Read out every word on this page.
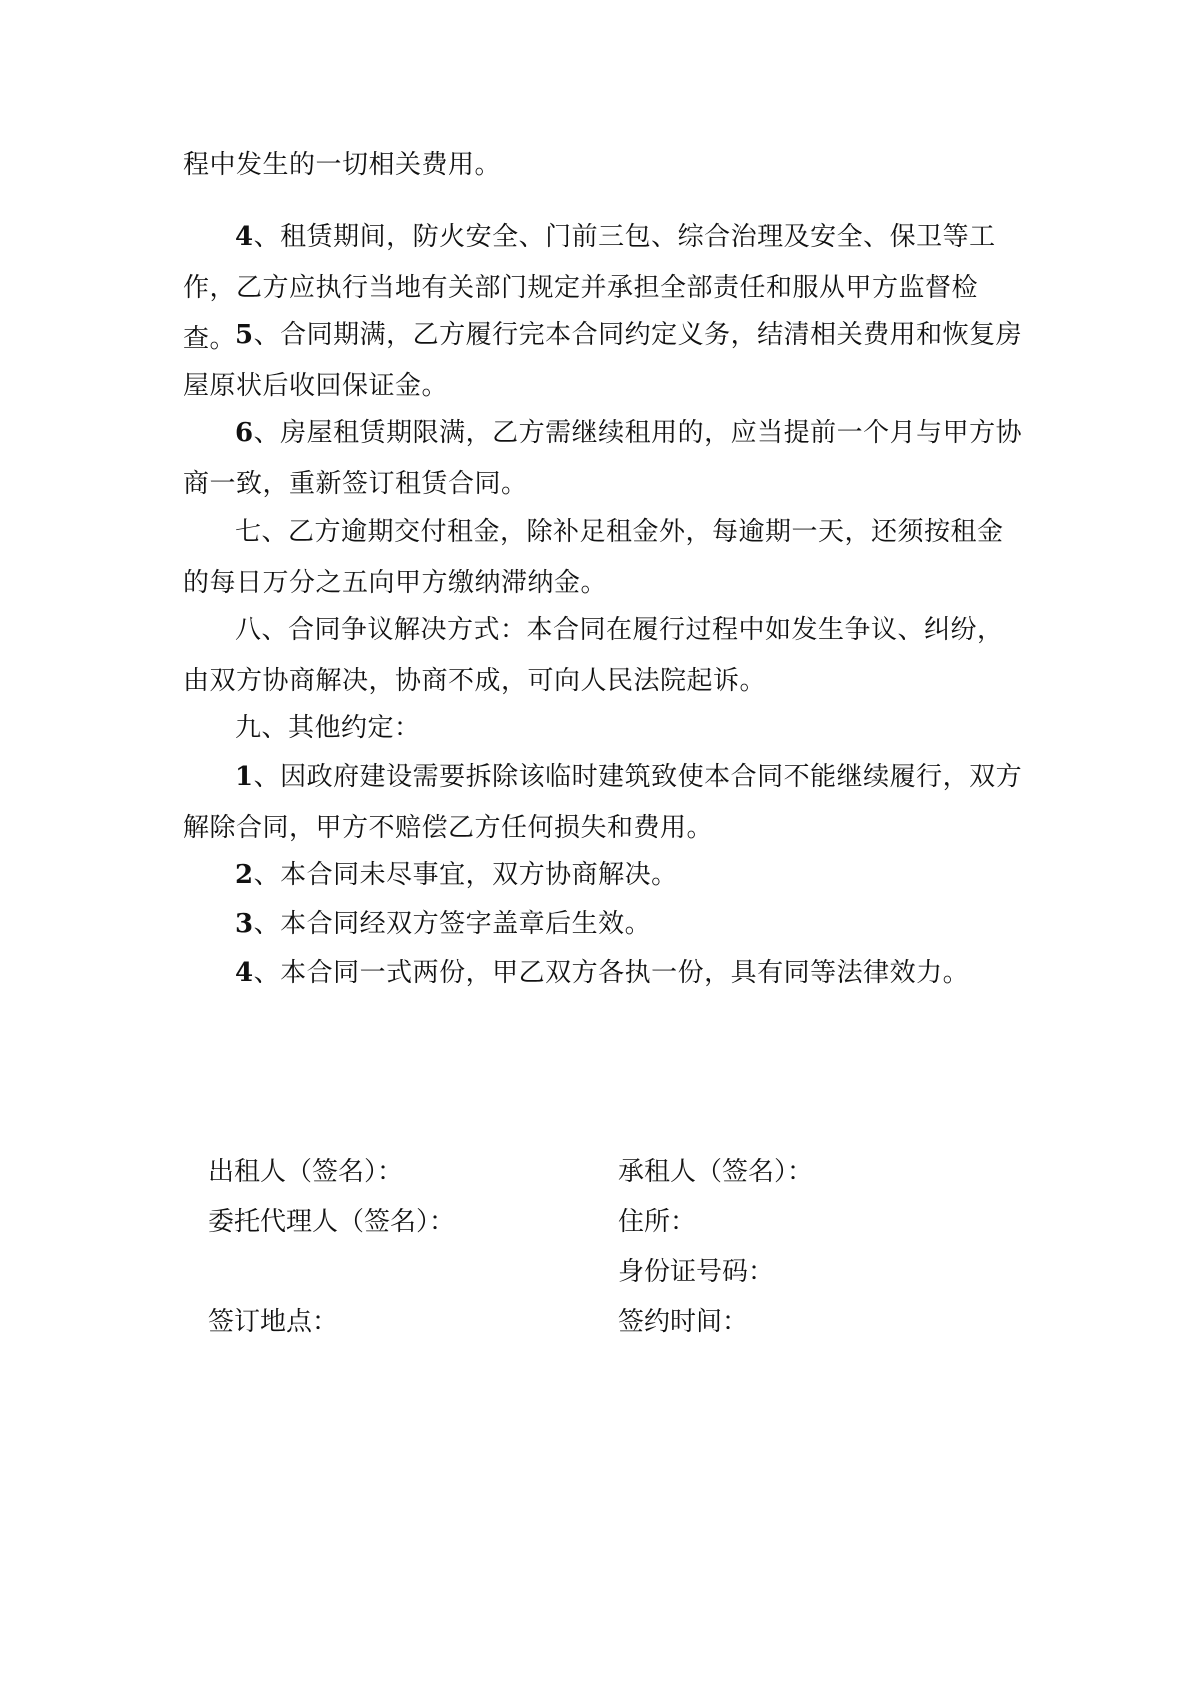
程中发生的一切相关费用。

4、租赁期间，防火安全、门前三包、综合治理及安全、保卫等工作，乙方应执行当地有关部门规定并承担全部责任和服从甲方监督检查。

5、合同期满，乙方履行完本合同约定义务，结清相关费用和恢复房屋原状后收回保证金。

6、房屋租赁期限满，乙方需继续租用的，应当提前一个月与甲方协商一致，重新签订租赁合同。

七、乙方逾期交付租金，除补足租金外，每逾期一天，还须按租金的每日万分之五向甲方缴纳滞纳金。

八、合同争议解决方式：本合同在履行过程中如发生争议、纠纷，由双方协商解决，协商不成，可向人民法院起诉。

九、其他约定：

1、因政府建设需要拆除该临时建筑致使本合同不能继续履行，双方解除合同，甲方不赔偿乙方任何损失和费用。

2、本合同未尽事宜，双方协商解决。

3、本合同经双方签字盖章后生效。

4、本合同一式两份，甲乙双方各执一份，具有同等法律效力。

出租人（签名）：	承租人（签名）：

委托代理人（签名）：	住所：

身份证号码：

签订地点：	签约时间：
